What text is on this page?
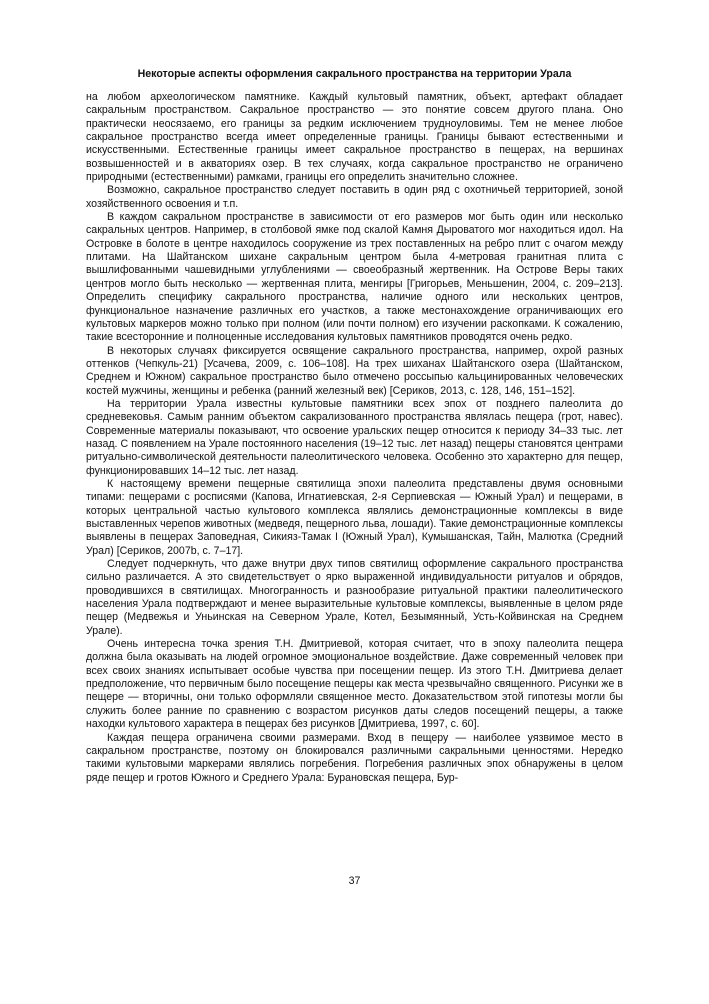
Некоторые аспекты оформления сакрального пространства на территории Урала

на любом археологическом памятнике. Каждый культовый памятник, объект, артефакт обладает сакральным пространством. Сакральное пространство — это понятие совсем другого плана. Оно практически неосязаемо, его границы за редким исключением трудноуловимы. Тем не менее любое сакральное пространство всегда имеет определенные границы. Границы бывают естественными и искусственными. Естественные границы имеет сакральное пространство в пещерах, на вершинах возвышенностей и в акваториях озер. В тех случаях, когда сакральное пространство не ограничено природными (естественными) рамками, границы его определить значительно сложнее.

Возможно, сакральное пространство следует поставить в один ряд с охотничьей территорией, зоной хозяйственного освоения и т.п.

В каждом сакральном пространстве в зависимости от его размеров мог быть один или несколько сакральных центров. Например, в столбовой ямке под скалой Камня Дыроватого мог находиться идол. На Островке в болоте в центре находилось сооружение из трех поставленных на ребро плит с очагом между плитами. На Шайтанском шихане сакральным центром была 4-метровая гранитная плита с вышлифованными чашевидными углублениями — своеобразный жертвенник. На Острове Веры таких центров могло быть несколько — жертвенная плита, менгиры [Григорьев, Меньшенин, 2004, с. 209–213]. Определить специфику сакрального пространства, наличие одного или нескольких центров, функциональное назначение различных его участков, а также местонахождение ограничивающих его культовых маркеров можно только при полном (или почти полном) его изучении раскопками. К сожалению, такие всесторонние и полноценные исследования культовых памятников проводятся очень редко.

В некоторых случаях фиксируется освящение сакрального пространства, например, охрой разных оттенков (Чепкуль-21) [Усачева, 2009, с. 106–108]. На трех шиханах Шайтанского озера (Шайтанском, Среднем и Южном) сакральное пространство было отмечено россыпью кальцинированных человеческих костей мужчины, женщины и ребенка (ранний железный век) [Сериков, 2013, с. 128, 146, 151–152].

На территории Урала известны культовые памятники всех эпох от позднего палеолита до средневековья. Самым ранним объектом сакрализованного пространства являлась пещера (грот, навес). Современные материалы показывают, что освоение уральских пещер относится к периоду 34–33 тыс. лет назад. С появлением на Урале постоянного населения (19–12 тыс. лет назад) пещеры становятся центрами ритуально-символической деятельности палеолитического человека. Особенно это характерно для пещер, функционировавших 14–12 тыс. лет назад.

К настоящему времени пещерные святилища эпохи палеолита представлены двумя основными типами: пещерами с росписями (Капова, Игнатиевская, 2-я Серпиевская — Южный Урал) и пещерами, в которых центральной частью культового комплекса являлись демонстрационные комплексы в виде выставленных черепов животных (медведя, пещерного льва, лошади). Такие демонстрационные комплексы выявлены в пещерах Заповедная, Сикияз-Тамак I (Южный Урал), Кумышанская, Тайн, Малютка (Средний Урал) [Сериков, 2007b, с. 7–17].

Следует подчеркнуть, что даже внутри двух типов святилищ оформление сакрального пространства сильно различается. А это свидетельствует о ярко выраженной индивидуальности ритуалов и обрядов, проводившихся в святилищах. Многогранность и разнообразие ритуальной практики палеолитического населения Урала подтверждают и менее выразительные культовые комплексы, выявленные в целом ряде пещер (Медвежья и Уньинская на Северном Урале, Котел, Безымянный, Усть-Койвинская на Среднем Урале).

Очень интересна точка зрения Т.Н. Дмитриевой, которая считает, что в эпоху палеолита пещера должна была оказывать на людей огромное эмоциональное воздействие. Даже современный человек при всех своих знаниях испытывает особые чувства при посещении пещер. Из этого Т.Н. Дмитриева делает предположение, что первичным было посещение пещеры как места чрезвычайно священного. Рисунки же в пещере — вторичны, они только оформляли священное место. Доказательством этой гипотезы могли бы служить более ранние по сравнению с возрастом рисунков даты следов посещений пещеры, а также находки культового характера в пещерах без рисунков [Дмитриева, 1997, с. 60].

Каждая пещера ограничена своими размерами. Вход в пещеру — наиболее уязвимое место в сакральном пространстве, поэтому он блокировался различными сакральными ценностями. Нередко такими культовыми маркерами являлись погребения. Погребения различных эпох обнаружены в целом ряде пещер и гротов Южного и Среднего Урала: Бурановская пещера, Бур-

37
